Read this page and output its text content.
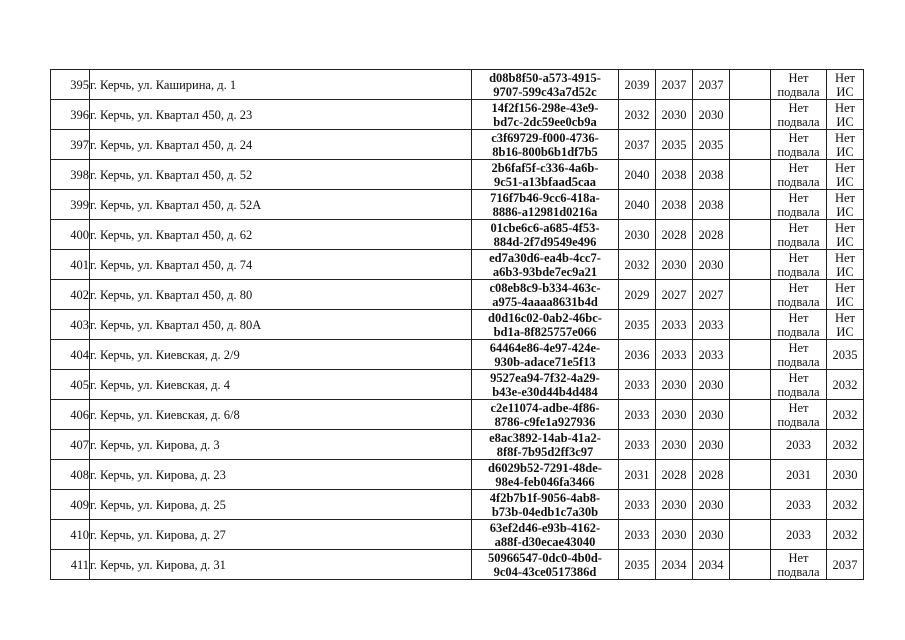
395	г. Керчь, ул. Каширина, д. 1	d08b8f50-a573-4915-
9707-599c43a7d52c	2039	2037	2037		Нет
подвала	Нет
ИС

396	г. Керчь, ул. Квартал 450, д. 23	14f2f156-298e-43e9-
bd7c-2dc59ee0cb9a	2032	2030	2030		Нет
подвала	Нет
ИС

397	г. Керчь, ул. Квартал 450, д. 24	c3f69729-f000-4736-
8b16-800b6b1df7b5	2037	2035	2035		Нет
подвала	Нет
ИС

398	г. Керчь, ул. Квартал 450, д. 52	2b6faf5f-c336-4a6b-
9c51-a13bfaad5caa	2040	2038	2038		Нет
подвала	Нет
ИС

399	г. Керчь, ул. Квартал 450, д. 52А	716f7b46-9cc6-418a-
8886-a12981d0216a	2040	2038	2038		Нет
подвала	Нет
ИС

400	г. Керчь, ул. Квартал 450, д. 62	01cbe6c6-a685-4f53-
884d-2f7d9549e496	2030	2028	2028		Нет
подвала	Нет
ИС

401	г. Керчь, ул. Квартал 450, д. 74	ed7a30d6-ea4b-4cc7-
a6b3-93bde7ec9a21	2032	2030	2030		Нет
подвала	Нет
ИС

402	г. Керчь, ул. Квартал 450, д. 80	c08eb8c9-b334-463c-
a975-4aaaa8631b4d	2029	2027	2027		Нет
подвала	Нет
ИС

403	г. Керчь, ул. Квартал 450, д. 80А	d0d16c02-0ab2-46bc-
bd1a-8f825757e066	2035	2033	2033		Нет
подвала	Нет
ИС

404	г. Керчь, ул. Киевская, д. 2/9	64464e86-4e97-424e-
930b-adace71e5f13	2036	2033	2033		Нет
подвала	2035

405	г. Керчь, ул. Киевская, д. 4	9527ea94-7f32-4a29-
b43e-e30d44b4d484	2033	2030	2030		Нет
подвала	2032

406	г. Керчь, ул. Киевская, д. 6/8	c2e11074-adbe-4f86-
8786-c9fe1a927936	2033	2030	2030		Нет
подвала	2032

407	г. Керчь, ул. Кирова, д. 3	e8ac3892-14ab-41a2-
8f8f-7b95d2ff3c97	2033	2030	2030		2033	2032

408	г. Керчь, ул. Кирова, д. 23	d6029b52-7291-48de-
98e4-feb046fa3466	2031	2028	2028		2031	2030

409	г. Керчь, ул. Кирова, д. 25	4f2b7b1f-9056-4ab8-
b73b-04edb1c7a30b	2033	2030	2030		2033	2032

410	г. Керчь, ул. Кирова, д. 27	63ef2d46-e93b-4162-
a88f-d30ecae43040	2033	2030	2030		2033	2032

411	г. Керчь, ул. Кирова, д. 31	50966547-0dc0-4b0d-
9c04-43ce0517386d	2035	2034	2034		Нет
подвала	2037
